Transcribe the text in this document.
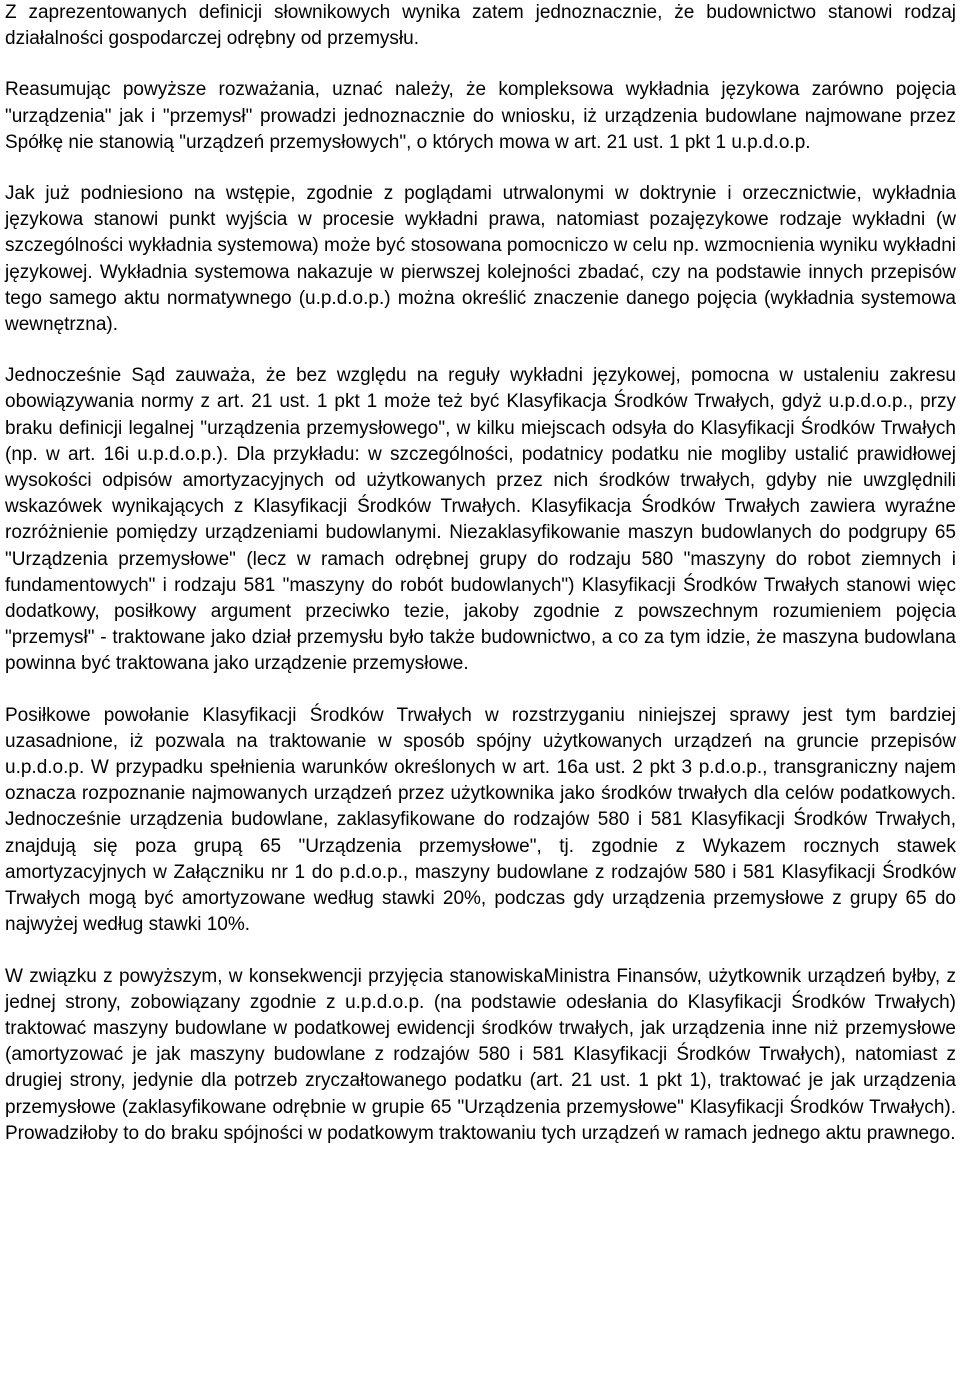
Z zaprezentowanych definicji słownikowych wynika zatem jednoznacznie, że budownictwo stanowi rodzaj działalności gospodarczej odrębny od przemysłu.

Reasumując powyższe rozważania, uznać należy, że kompleksowa wykładnia językowa zarówno pojęcia "urządzenia" jak i "przemysł" prowadzi jednoznacznie do wniosku, iż urządzenia budowlane najmowane przez Spółkę nie stanowią "urządzeń przemysłowych", o których mowa w art. 21 ust. 1 pkt 1 u.p.d.o.p.

Jak już podniesiono na wstępie, zgodnie z poglądami utrwalonymi w doktrynie i orzecznictwie, wykładnia językowa stanowi punkt wyjścia w procesie wykładni prawa, natomiast pozajęzykowe rodzaje wykładni (w szczególności wykładnia systemowa) może być stosowana pomocniczo w celu np. wzmocnienia wyniku wykładni językowej. Wykładnia systemowa nakazuje w pierwszej kolejności zbadać, czy na podstawie innych przepisów tego samego aktu normatywnego (u.p.d.o.p.) można określić znaczenie danego pojęcia (wykładnia systemowa wewnętrzna).

Jednocześnie Sąd zauważa, że bez względu na reguły wykładni językowej, pomocna w ustaleniu zakresu obowiązywania normy z art. 21 ust. 1 pkt 1 może też być Klasyfikacja Środków Trwałych, gdyż u.p.d.o.p., przy braku definicji legalnej "urządzenia przemysłowego", w kilku miejscach odsyła do Klasyfikacji Środków Trwałych (np. w art. 16i u.p.d.o.p.). Dla przykładu: w szczególności, podatnicy podatku nie mogliby ustalić prawidłowej wysokości odpisów amortyzacyjnych od użytkowanych przez nich środków trwałych, gdyby nie uwzględnili wskazówek wynikających z Klasyfikacji Środków Trwałych. Klasyfikacja Środków Trwałych zawiera wyraźne rozróżnienie pomiędzy urządzeniami budowlanymi. Niezaklasyfikowanie maszyn budowlanych do podgrupy 65 "Urządzenia przemysłowe" (lecz w ramach odrębnej grupy do rodzaju 580 "maszyny do robot ziemnych i fundamentowych" i rodzaju 581 "maszyny do robót budowlanych") Klasyfikacji Środków Trwałych stanowi więc dodatkowy, posiłkowy argument przeciwko tezie, jakoby zgodnie z powszechnym rozumieniem pojęcia "przemysł" - traktowane jako dział przemysłu było także budownictwo, a co za tym idzie, że maszyna budowlana powinna być traktowana jako urządzenie przemysłowe.

Posiłkowe powołanie Klasyfikacji Środków Trwałych w rozstrzyganiu niniejszej sprawy jest tym bardziej uzasadnione, iż pozwala na traktowanie w sposób spójny użytkowanych urządzeń na gruncie przepisów u.p.d.o.p. W przypadku spełnienia warunków określonych w art. 16a ust. 2 pkt 3 p.d.o.p., transgraniczny najem oznacza rozpoznanie najmowanych urządzeń przez użytkownika jako środków trwałych dla celów podatkowych. Jednocześnie urządzenia budowlane, zaklasyfikowane do rodzajów 580 i 581 Klasyfikacji Środków Trwałych, znajdują się poza grupą 65 "Urządzenia przemysłowe", tj. zgodnie z Wykazem rocznych stawek amortyzacyjnych w Załączniku nr 1 do p.d.o.p., maszyny budowlane z rodzajów 580 i 581 Klasyfikacji Środków Trwałych mogą być amortyzowane według stawki 20%, podczas gdy urządzenia przemysłowe z grupy 65 do najwyżej według stawki 10%.

W związku z powyższym, w konsekwencji przyjęcia stanowiskaMinistra Finansów, użytkownik urządzeń byłby, z jednej strony, zobowiązany zgodnie z u.p.d.o.p. (na podstawie odesłania do Klasyfikacji Środków Trwałych) traktować maszyny budowlane w podatkowej ewidencji środków trwałych, jak urządzenia inne niż przemysłowe (amortyzować je jak maszyny budowlane z rodzajów 580 i 581 Klasyfikacji Środków Trwałych), natomiast z drugiej strony, jedynie dla potrzeb zryczałtowanego podatku (art. 21 ust. 1 pkt 1), traktować je jak urządzenia przemysłowe (zaklasyfikowane odrębnie w grupie 65 "Urządzenia przemysłowe" Klasyfikacji Środków Trwałych). Prowadziłoby to do braku spójności w podatkowym traktowaniu tych urządzeń w ramach jednego aktu prawnego.
